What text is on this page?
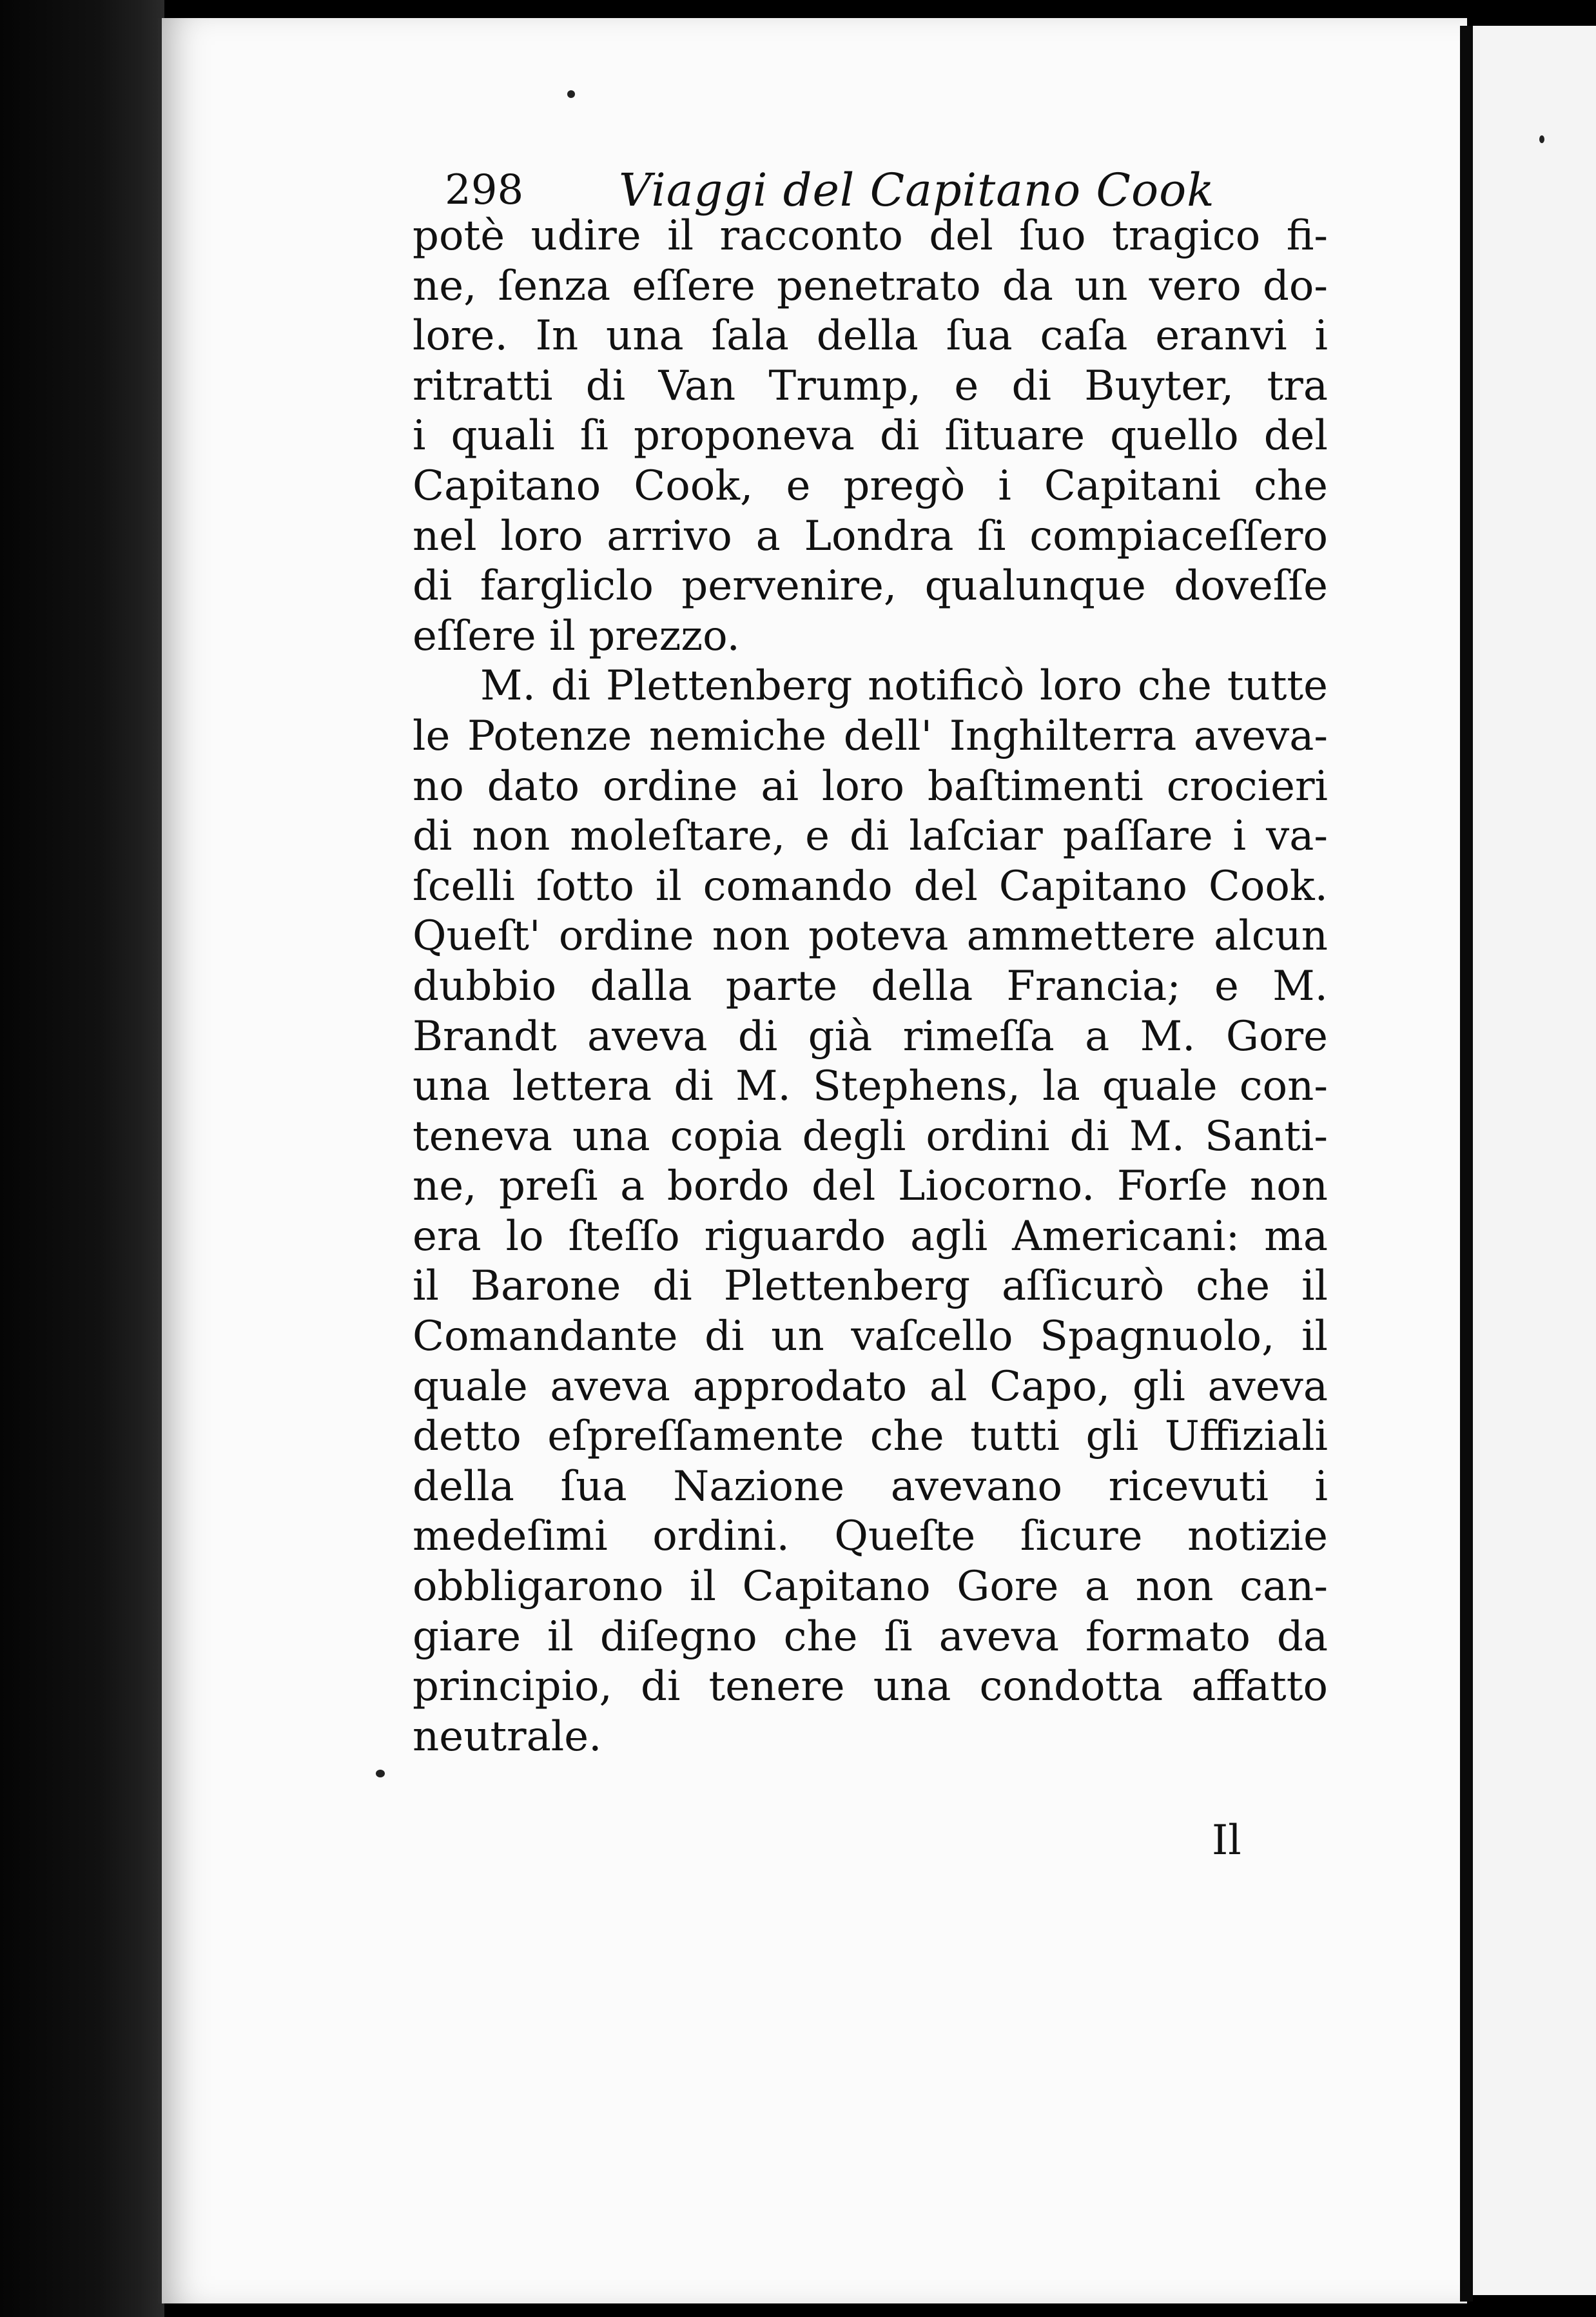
298 Viaggi del Capitano Cook
potè udire il racconto del ſuo tragico fi-
ne, ſenza eſſere penetrato da un vero do-
lore. In una ſala della ſua caſa eranvi i
ritratti di Van Trump, e di Buyter, tra
i quali ſi proponeva di ſituare quello del
Capitano Cook, e pregò i Capitani che
nel loro arrivo a Londra ſi compiaceſſero
di fargliclo pervenire, qualunque doveſſe
eſſere il prezzo.
M. di Plettenberg notificò loro che tutte
le Potenze nemiche dell' Inghilterra aveva-
no dato ordine ai loro baſtimenti crocieri
di non moleſtare, e di laſciar paſſare i va-
ſcelli ſotto il comando del Capitano Cook.
Queſt' ordine non poteva ammettere alcun
dubbio dalla parte della Francia; e M.
Brandt aveva di già rimeſſa a M. Gore
una lettera di M. Stephens, la quale con-
teneva una copia degli ordini di M. Santi-
ne, preſi a bordo del Liocorno. Forſe non
era lo ſteſſo riguardo agli Americani: ma
il Barone di Plettenberg aſſicurò che il
Comandante di un vaſcello Spagnuolo, il
quale aveva approdato al Capo, gli aveva
detto eſpreſſamente che tutti gli Uffiziali
della ſua Nazione avevano ricevuti i
medeſimi ordini. Queſte ſicure notizie
obbligarono il Capitano Gore a non can-
giare il diſegno che ſi aveva formato da
principio, di tenere una condotta affatto
neutrale.
Il
